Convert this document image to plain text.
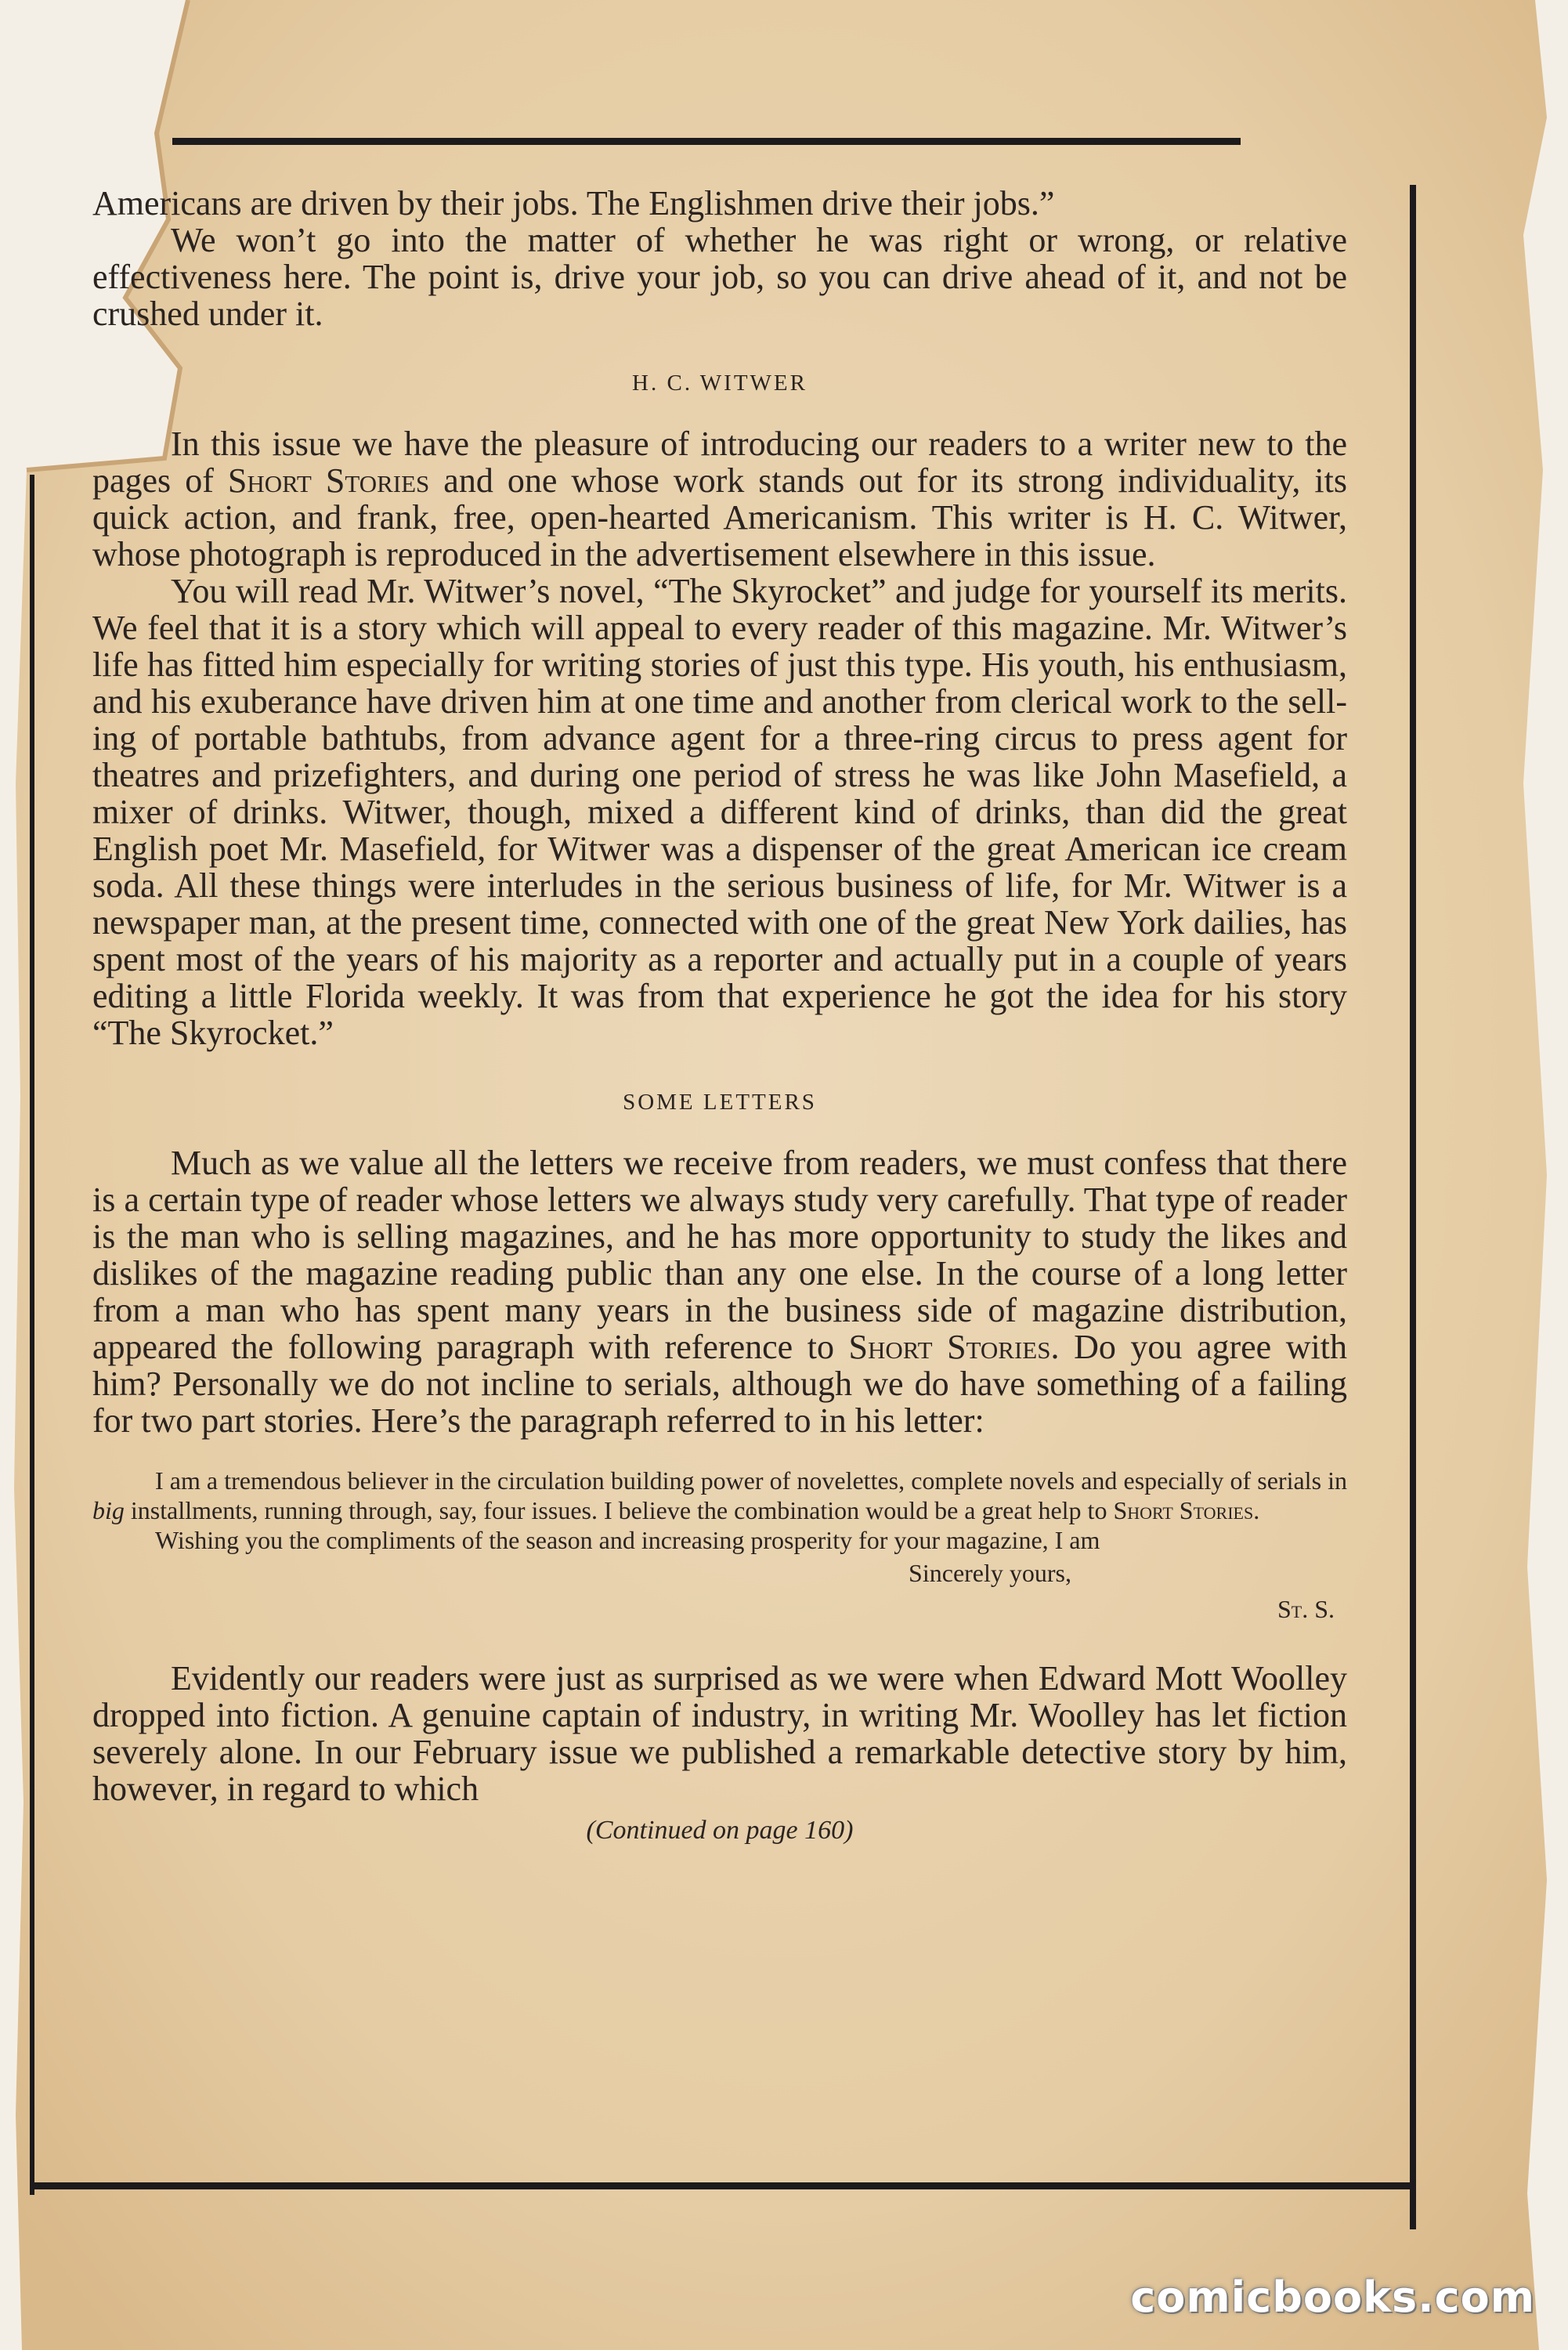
Americans are driven by their jobs. The Englishmen drive their jobs.”

We won’t go into the matter of whether he was right or wrong, or relative effectiveness here. The point is, drive your job, so you can drive ahead of it, and not be crushed under it.

H. C. WITWER

In this issue we have the pleasure of introducing our readers to a writer new to the pages of Short Stories and one whose work stands out for its strong individuality, its quick action, and frank, free, open-hearted Americanism. This writer is H. C. Witwer, whose photograph is reproduced in the advertisement elsewhere in this issue.

You will read Mr. Witwer’s novel, “The Skyrocket” and judge for yourself its merits. We feel that it is a story which will appeal to every reader of this magazine. Mr. Witwer’s life has fitted him especially for writing stories of just this type. His youth, his enthusiasm, and his exuberance have driven him at one time and another from clerical work to the selling of portable bathtubs, from advance agent for a three-ring circus to press agent for theatres and prizefighters, and during one period of stress he was like John Masefield, a mixer of drinks. Witwer, though, mixed a different kind of drinks, than did the great English poet Mr. Masefield, for Witwer was a dispenser of the great American ice cream soda. All these things were interludes in the serious business of life, for Mr. Witwer is a newspaper man, at the present time, connected with one of the great New York dailies, has spent most of the years of his majority as a reporter and actually put in a couple of years editing a little Florida weekly. It was from that experience he got the idea for his story “The Skyrocket.”

SOME LETTERS

Much as we value all the letters we receive from readers, we must confess that there is a certain type of reader whose letters we always study very carefully. That type of reader is the man who is selling magazines, and he has more opportunity to study the likes and dislikes of the magazine reading public than any one else. In the course of a long letter from a man who has spent many years in the business side of magazine distribution, appeared the following paragraph with reference to Short Stories. Do you agree with him? Personally we do not incline to serials, although we do have something of a failing for two part stories. Here’s the paragraph referred to in his letter:

I am a tremendous believer in the circulation building power of novelettes, complete novels and especially of serials in big installments, running through, say, four issues. I believe the combination would be a great help to Short Stories.

Wishing you the compliments of the season and increasing prosperity for your magazine, I am

Sincerely yours,
St. S.

Evidently our readers were just as surprised as we were when Edward Mott Woolley dropped into fiction. A genuine captain of industry, in writing Mr. Woolley has let fiction severely alone. In our February issue we published a remarkable detective story by him, however, in regard to which

(Continued on page 160)
comicbooks.com
